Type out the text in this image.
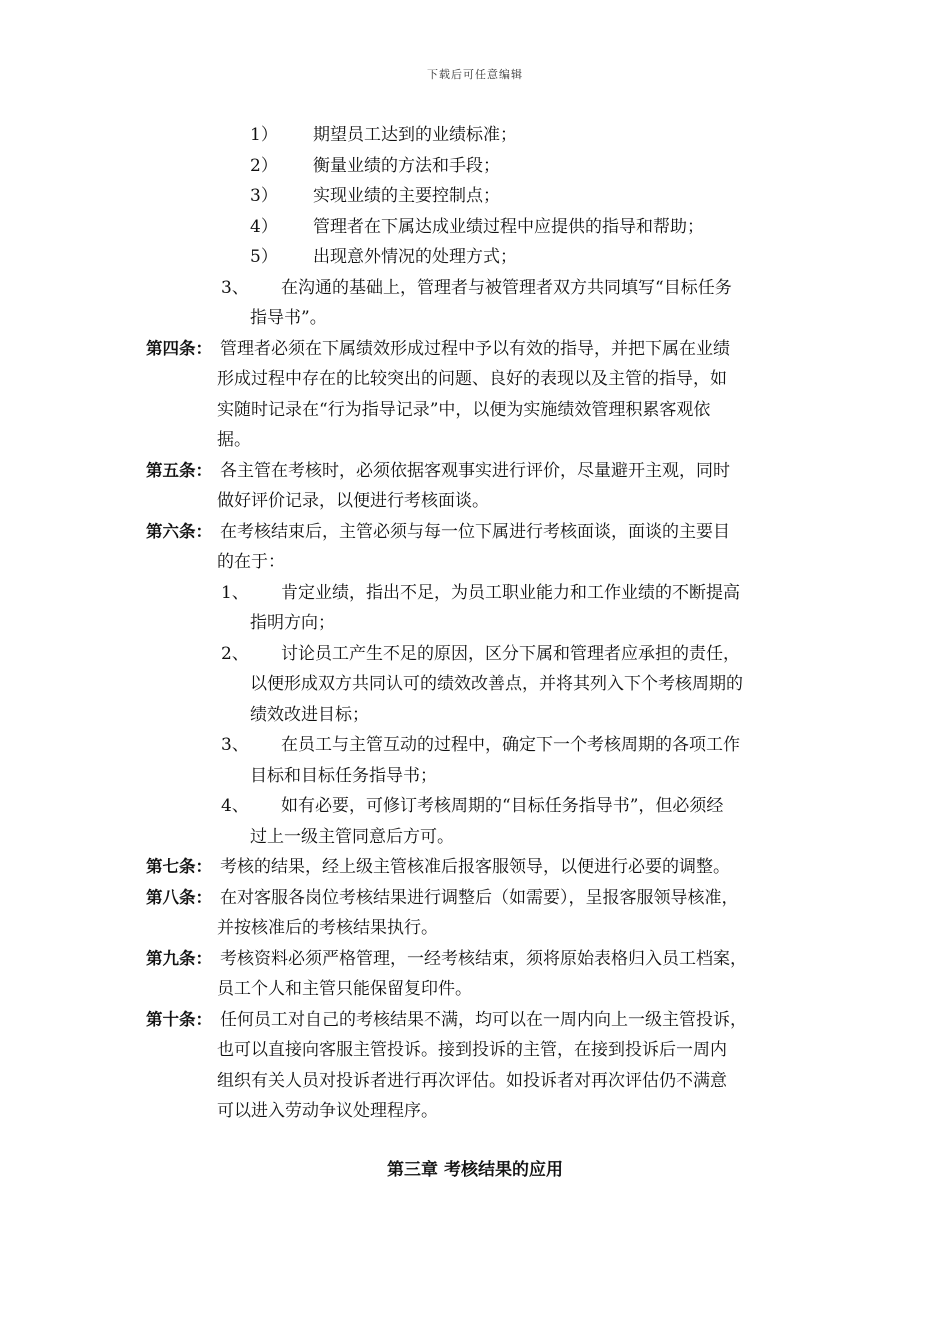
下载后可任意编辑
1） 期望员工达到的业绩标准；
2） 衡量业绩的方法和手段；
3） 实现业绩的主要控制点；
4） 管理者在下属达成业绩过程中应提供的指导和帮助；
5） 出现意外情况的处理方式；
3、 在沟通的基础上，管理者与被管理者双方共同填写“目标任务
指导书”。
第四条： 管理者必须在下属绩效形成过程中予以有效的指导，并把下属在业绩
形成过程中存在的比较突出的问题、良好的表现以及主管的指导，如
实随时记录在“行为指导记录”中，以便为实施绩效管理积累客观依
据。
第五条： 各主管在考核时，必须依据客观事实进行评价，尽量避开主观，同时
做好评价记录，以便进行考核面谈。
第六条： 在考核结束后，主管必须与每一位下属进行考核面谈，面谈的主要目
的在于：
1、 肯定业绩，指出不足，为员工职业能力和工作业绩的不断提高
指明方向；
2、 讨论员工产生不足的原因，区分下属和管理者应承担的责任，
以便形成双方共同认可的绩效改善点，并将其列入下个考核周期的
绩效改进目标；
3、 在员工与主管互动的过程中，确定下一个考核周期的各项工作
目标和目标任务指导书；
4、 如有必要，可修订考核周期的“目标任务指导书”，但必须经
过上一级主管同意后方可。
第七条： 考核的结果，经上级主管核准后报客服领导，以便进行必要的调整。
第八条： 在对客服各岗位考核结果进行调整后（如需要），呈报客服领导核准，
并按核准后的考核结果执行。
第九条： 考核资料必须严格管理，一经考核结束，须将原始表格归入员工档案，
员工个人和主管只能保留复印件。
第十条： 任何员工对自己的考核结果不满，均可以在一周内向上一级主管投诉，
也可以直接向客服主管投诉。接到投诉的主管，在接到投诉后一周内
组织有关人员对投诉者进行再次评估。如投诉者对再次评估仍不满意
可以进入劳动争议处理程序。
第三章 考核结果的应用
